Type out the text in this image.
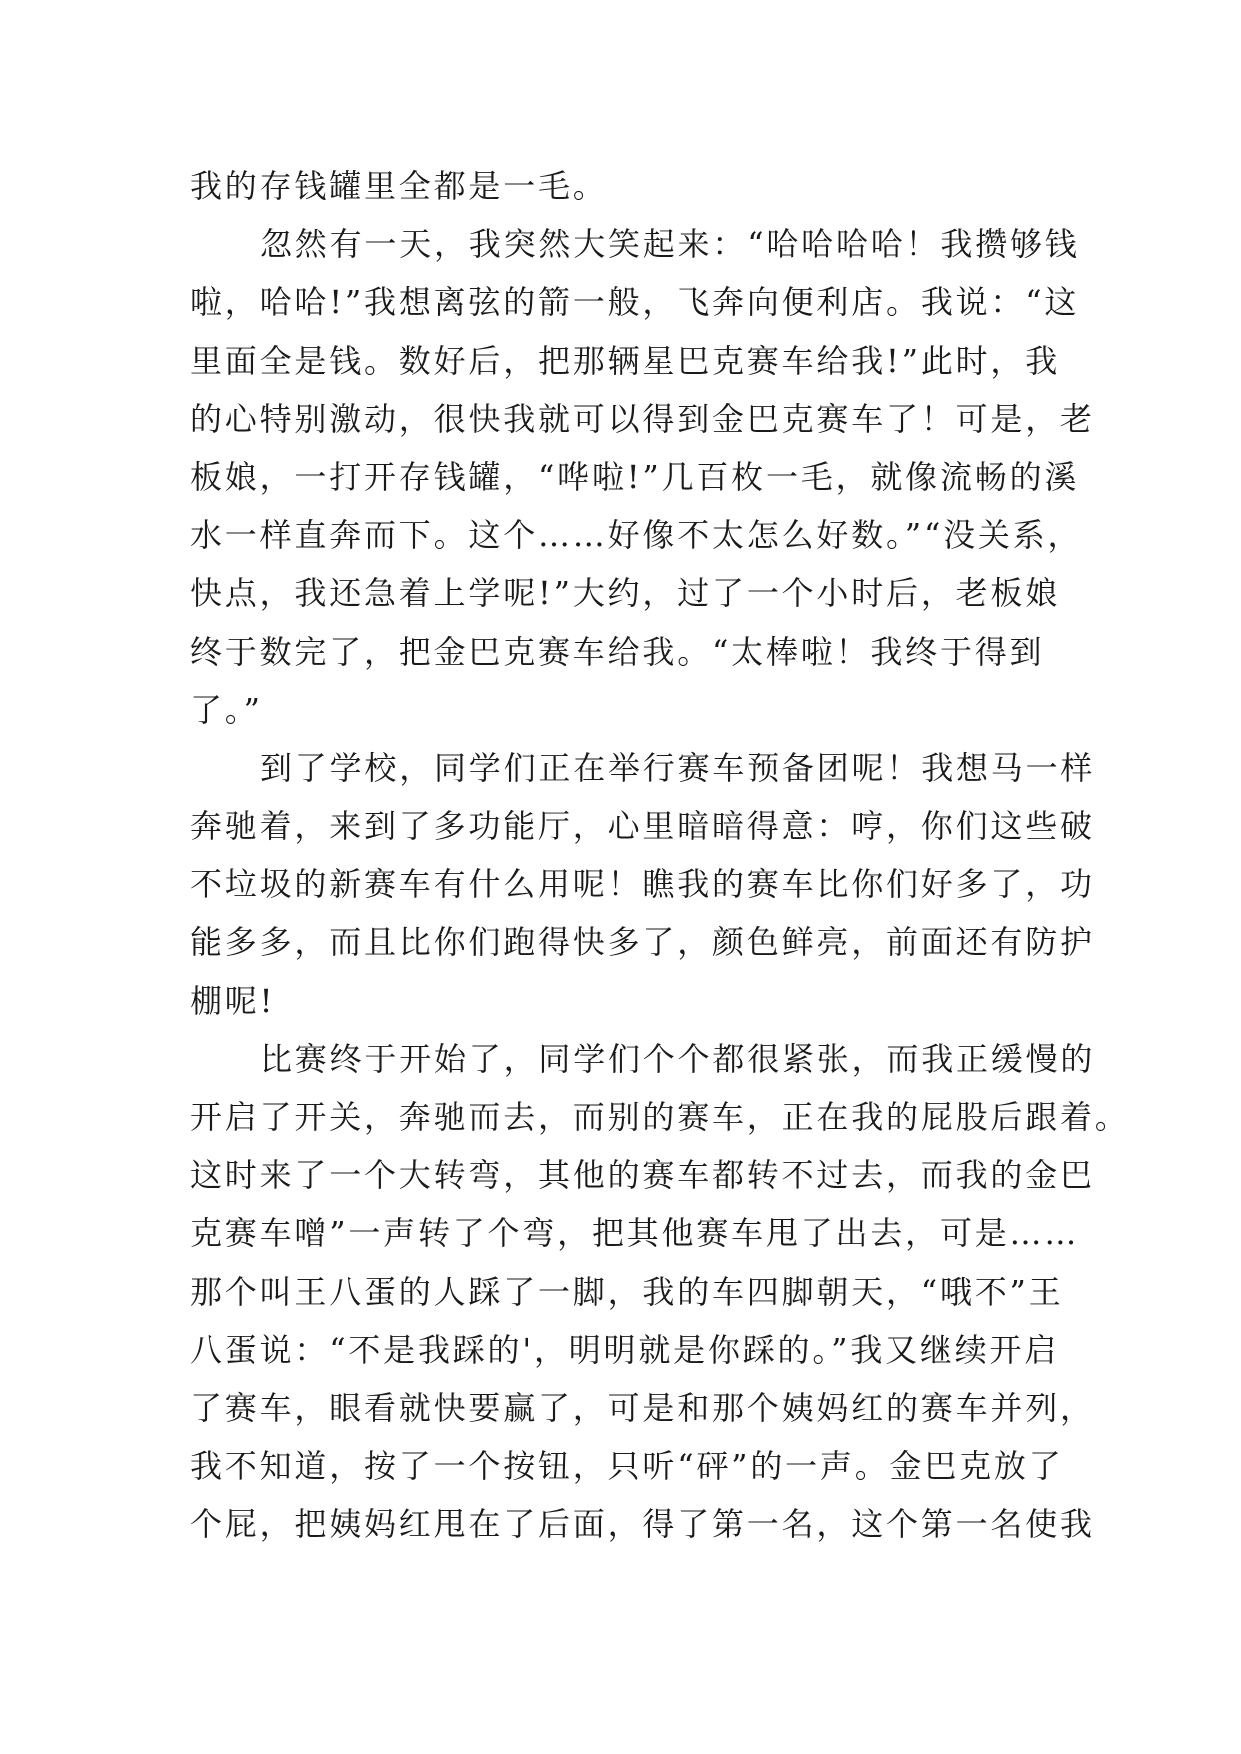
我的存钱罐里全都是一毛。
忽然有一天，我突然大笑起来：“哈哈哈哈！我攒够钱
啦，哈哈!”我想离弦的箭一般，飞奔向便利店。我说：“这
里面全是钱。数好后，把那辆星巴克赛车给我!”此时，我
的心特别激动，很快我就可以得到金巴克赛车了！可是，老
板娘，一打开存钱罐，“哗啦!”几百枚一毛，就像流畅的溪
水一样直奔而下。这个……好像不太怎么好数。”“没关系，
快点，我还急着上学呢!”大约，过了一个小时后，老板娘
终于数完了，把金巴克赛车给我。“太棒啦！我终于得到
了。”
到了学校，同学们正在举行赛车预备团呢！我想马一样
奔驰着，来到了多功能厅，心里暗暗得意：哼，你们这些破
不垃圾的新赛车有什么用呢！瞧我的赛车比你们好多了，功
能多多，而且比你们跑得快多了，颜色鲜亮，前面还有防护
棚呢!
比赛终于开始了，同学们个个都很紧张，而我正缓慢的
开启了开关，奔驰而去，而别的赛车，正在我的屁股后跟着。
这时来了一个大转弯，其他的赛车都转不过去，而我的金巴
克赛车噌”一声转了个弯，把其他赛车甩了出去，可是……
那个叫王八蛋的人踩了一脚，我的车四脚朝天，“哦不”王
八蛋说：“不是我踩的'，明明就是你踩的。”我又继续开启
了赛车，眼看就快要赢了，可是和那个姨妈红的赛车并列，
我不知道，按了一个按钮，只听“砰”的一声。金巴克放了
个屁，把姨妈红甩在了后面，得了第一名，这个第一名使我
